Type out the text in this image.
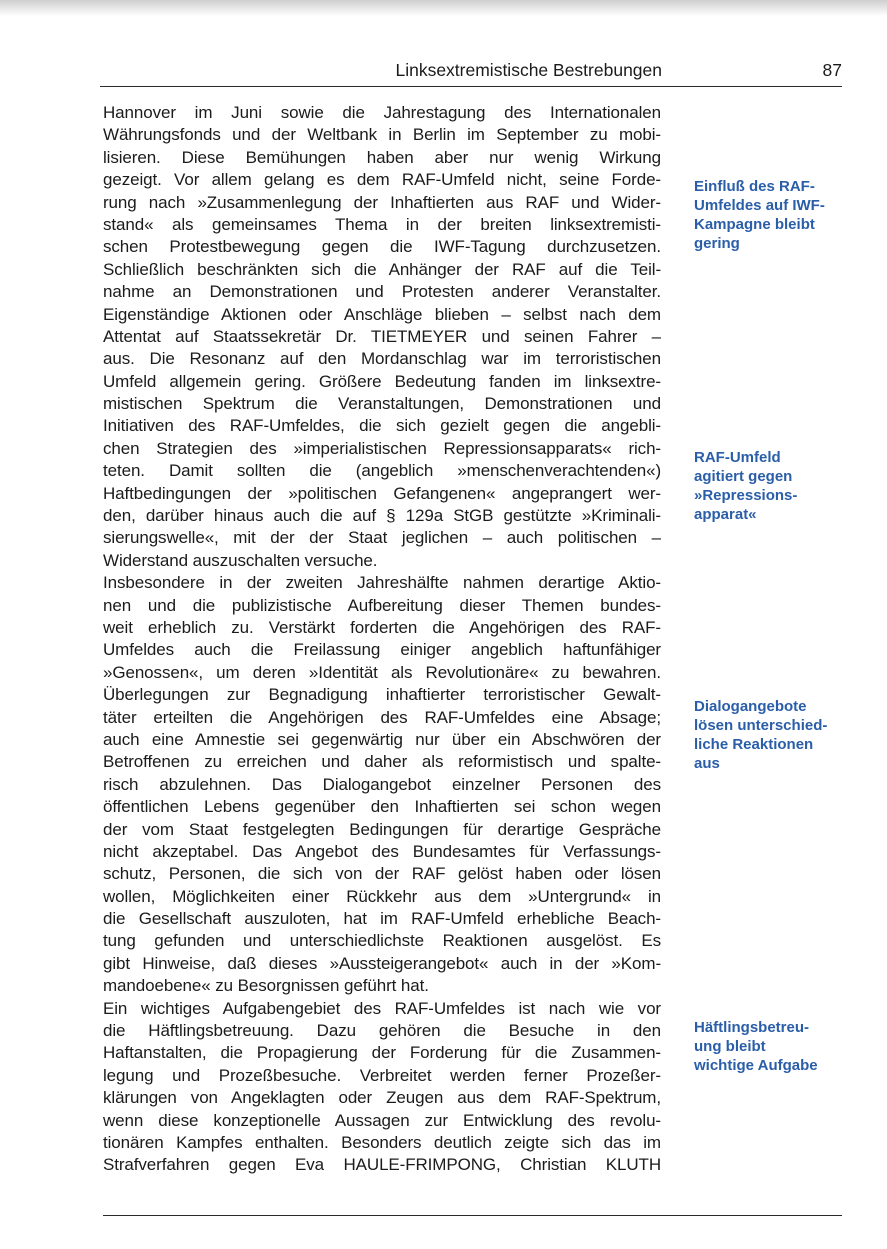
Linksextremistische Bestrebungen	87
Hannover im Juni sowie die Jahrestagung des Internationalen
Währungsfonds und der Weltbank in Berlin im September zu mobi-
lisieren. Diese Bemühungen haben aber nur wenig Wirkung
gezeigt. Vor allem gelang es dem RAF-Umfeld nicht, seine Forde-
rung nach »Zusammenlegung der Inhaftierten aus RAF und Wider-
stand« als gemeinsames Thema in der breiten linksextremisti-
schen Protestbewegung gegen die IWF-Tagung durchzusetzen.
Schließlich beschränkten sich die Anhänger der RAF auf die Teil-
nahme an Demonstrationen und Protesten anderer Veranstalter.
Eigenständige Aktionen oder Anschläge blieben – selbst nach dem
Attentat auf Staatssekretär Dr. TIETMEYER und seinen Fahrer –
aus. Die Resonanz auf den Mordanschlag war im terroristischen
Umfeld allgemein gering. Größere Bedeutung fanden im linksextre-
mistischen Spektrum die Veranstaltungen, Demonstrationen und
Initiativen des RAF-Umfeldes, die sich gezielt gegen die angebli-
chen Strategien des »imperialistischen Repressionsapparats« rich-
teten. Damit sollten die (angeblich »menschenverachtenden«)
Haftbedingungen der »politischen Gefangenen« angeprangert wer-
den, darüber hinaus auch die auf § 129a StGB gestützte »Kriminali-
sierungswelle«, mit der der Staat jeglichen – auch politischen –
Widerstand auszuschalten versuche.
Insbesondere in der zweiten Jahreshälfte nahmen derartige Aktio-
nen und die publizistische Aufbereitung dieser Themen bundes-
weit erheblich zu. Verstärkt forderten die Angehörigen des RAF-
Umfeldes auch die Freilassung einiger angeblich haftunfähiger
»Genossen«, um deren »Identität als Revolutionäre« zu bewahren.
Überlegungen zur Begnadigung inhaftierter terroristischer Gewalt-
täter erteilten die Angehörigen des RAF-Umfeldes eine Absage;
auch eine Amnestie sei gegenwärtig nur über ein Abschwören der
Betroffenen zu erreichen und daher als reformistisch und spalte-
risch abzulehnen. Das Dialogangebot einzelner Personen des
öffentlichen Lebens gegenüber den Inhaftierten sei schon wegen
der vom Staat festgelegten Bedingungen für derartige Gespräche
nicht akzeptabel. Das Angebot des Bundesamtes für Verfassungs-
schutz, Personen, die sich von der RAF gelöst haben oder lösen
wollen, Möglichkeiten einer Rückkehr aus dem »Untergrund« in
die Gesellschaft auszuloten, hat im RAF-Umfeld erhebliche Beach-
tung gefunden und unterschiedlichste Reaktionen ausgelöst. Es
gibt Hinweise, daß dieses »Aussteigerangebot« auch in der »Kom-
mandoebene« zu Besorgnissen geführt hat.
Ein wichtiges Aufgabengebiet des RAF-Umfeldes ist nach wie vor
die Häftlingsbetreuung. Dazu gehören die Besuche in den
Haftanstalten, die Propagierung der Forderung für die Zusammen-
legung und Prozeßbesuche. Verbreitet werden ferner Prozeßer-
klärungen von Angeklagten oder Zeugen aus dem RAF-Spektrum,
wenn diese konzeptionelle Aussagen zur Entwicklung des revolu-
tionären Kampfes enthalten. Besonders deutlich zeigte sich das im
Strafverfahren gegen Eva HAULE-FRIMPONG, Christian KLUTH
Einfluß des RAF-
Umfeldes auf IWF-
Kampagne bleibt
gering
RAF-Umfeld
agitiert gegen
»Repressions-
apparat«
Dialogangebote
lösen unterschied-
liche Reaktionen
aus
Häftlingsbetreu-
ung bleibt
wichtige Aufgabe
